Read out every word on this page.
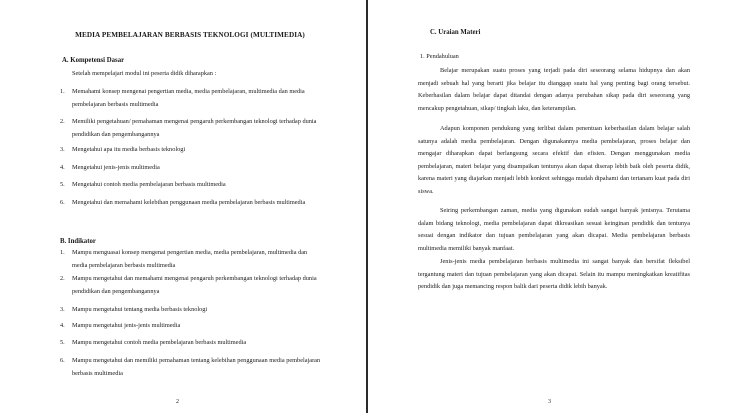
MEDIA PEMBELAJARAN BERBASIS TEKNOLOGI (MULTIMEDIA)
A. Kompetensi Dasar
Setelah mempelajari modul ini peserta didik diharapkan :
1. Memahami konsep mengenai pengertian media, media pembelajaran, multimedia dan media pembelajaran berbasis multimedia
2. Memiliki pengetahuan/ pemahaman mengenai pengaruh perkembangan teknologi terhadap dunia pendidikan dan pengembangannya
3. Mengetahui apa itu media berbasis teknologi
4. Mengetahui jenis-jenis multimedia
5. Mengetahui contoh media pembelajaran berbasis multimedia
6. Mengetahui dan memahami kelebihan penggunaan media pembelajaran berbasis multimedia
B. Indikator
1. Mampu menguasai konsep mengenai pengertian media, media pembelajaran, multimedia dan media pembelajaran berbasis multimedia
2. Mampu mengetahui dan memahami mengenai pengaruh perkembangan teknologi terhadap dunia pendidikan dan pengembangannya
3. Mampu mengetahui tentang media berbasis teknologi
4. Mampu mengetahui jenis-jenis multimedia
5. Mampu mengetahui contoh media pembelajaran berbasis multimedia
6. Mampu mengetahui dan memiliki pemahaman tentang kelebihan penggunaan media pembelajaran berbasis multimedia
2
C. Uraian Materi
1. Pendahuluan
Belajar merupakan suatu proses yang terjadi pada diri seseorang selama hidupnya dan akan menjadi sebuah hal yang berarti jika belajar itu dianggap suatu hal yang penting bagi orang tersebut. Keberhasilan dalam belajar dapat ditandai dengan adanya perubahan sikap pada diri seseorang yang mencakup pengetahuan, sikap/ tingkah laku, dan keterampilan.
Adapun komponen pendukung yang terlibat dalam penentuan keberhasilan dalam belajar salah satunya adalah media pembelajaran. Dengan digunakannya media pembelajaran, proses belajar dan mengajar diharapkan dapat berlangsung secara efektif dan efisien. Dengan menggunakan media pembelajaran, materi belajar yang disampaikan tentunya akan dapat diserap lebih baik oleh peserta didik, karena materi yang diajarkan menjadi lebih konkret sehingga mudah dipahami dan tertanam kuat pada diri siswa.
Seiring perkembangan zaman, media yang digunakan sudah sangat banyak jenisnya. Terutama dalam bidang teknologi, media pembelajaran dapat dikreasikan sesuai keinginan pendidik dan tentunya sesuai dengan indikator dan tujuan pembelajaran yang akan dicapai. Media pembelajaran berbasis multimedia memiliki banyak manfaat.
Jenis-jenis media pembelajaran berbasis multimedia ini sangat banyak dan bersifat fleksibel tergantung materi dan tujuan pembelajaran yang akan dicapai. Selain itu mampu meningkatkan kreatifitas pendidik dan juga memancing respon balik dari peserta didik lebih banyak.
3
